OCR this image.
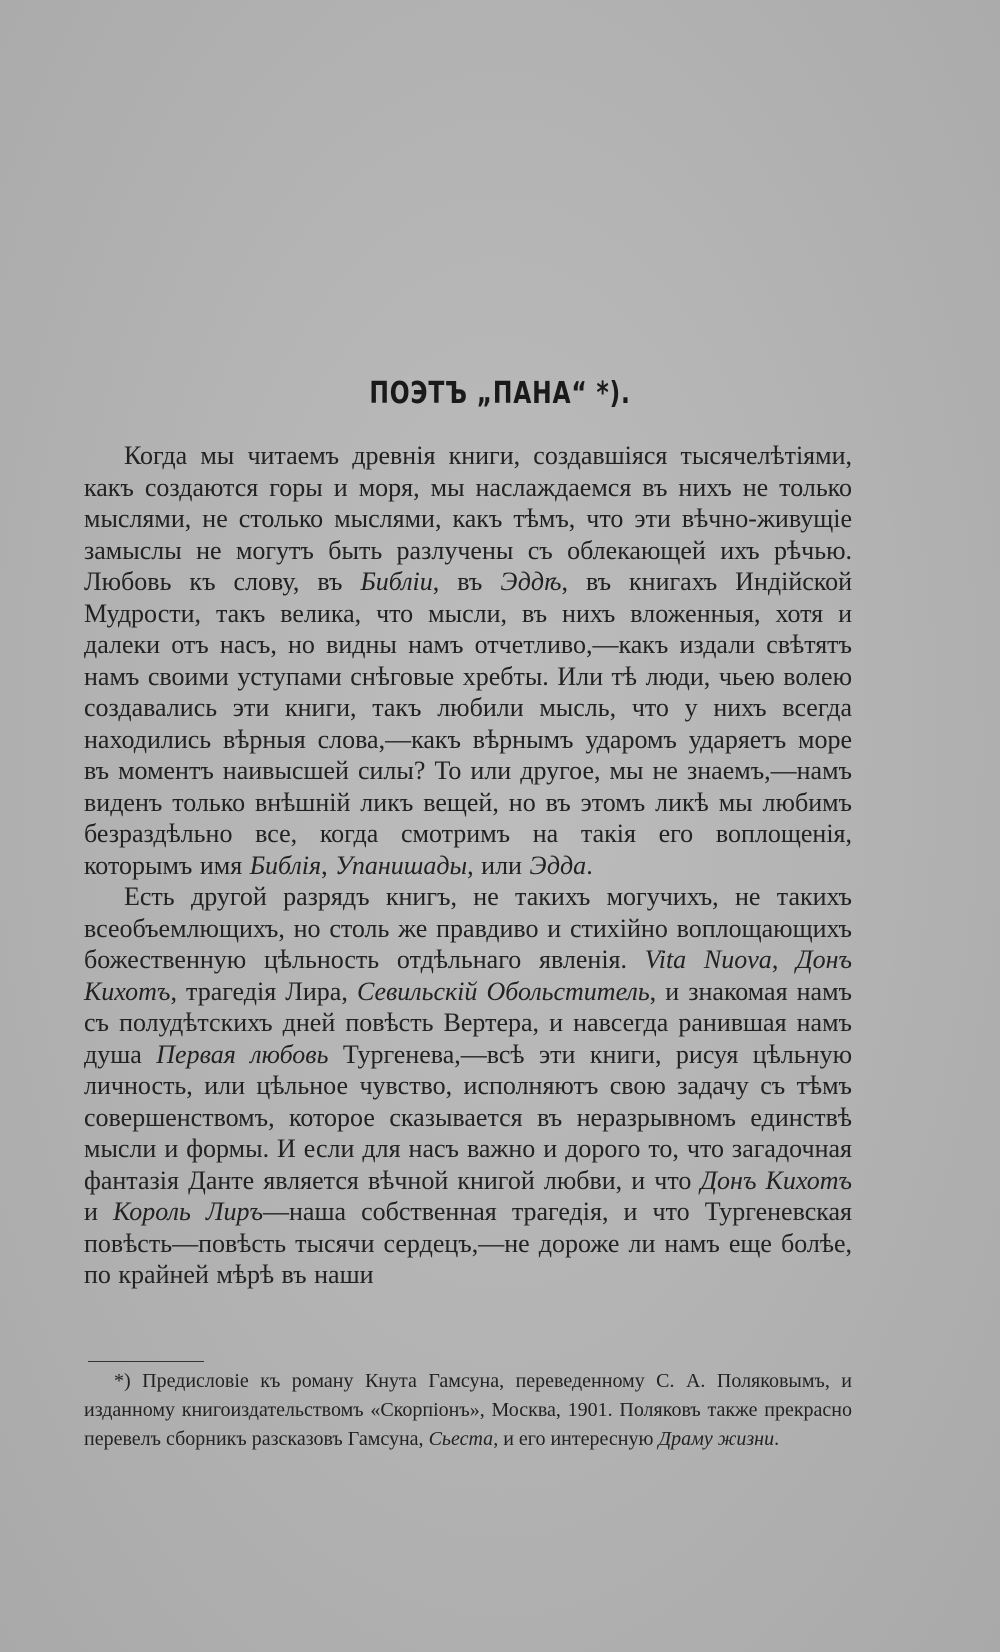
ПОЭТЪ „ПАНА“ *).

Когда мы читаемъ древнія книги, создавшіяся тысячелѣтіями, какъ создаются горы и моря, мы наслаждаемся въ нихъ не только мыслями, не столько мыслями, какъ тѣмъ, что эти вѣчно-живущіе замыслы не могутъ быть разлучены съ облекающей ихъ рѣчью. Любовь къ слову, въ Библіи, въ Эддѣ, въ книгахъ Индійской Мудрости, такъ велика, что мысли, въ нихъ вложенныя, хотя и далеки отъ насъ, но видны намъ отчетливо,—какъ издали свѣтятъ намъ своими уступами снѣговые хребты. Или тѣ люди, чьею волею создавались эти книги, такъ любили мысль, что у нихъ всегда находились вѣрныя слова,—какъ вѣрнымъ ударомъ ударяетъ море въ моментъ наивысшей силы? То или другое, мы не знаемъ,—намъ виденъ только внѣшній ликъ вещей, но въ этомъ ликѣ мы любимъ безраздѣльно все, когда смотримъ на такія его воплощенія, которымъ имя Библія, Упанишады, или Эдда.

Есть другой разрядъ книгъ, не такихъ могучихъ, не такихъ всеобъемлющихъ, но столь же правдиво и стихійно воплощающихъ божественную цѣльность отдѣльнаго явленія. Vita Nuova, Донъ Кихотъ, трагедія Лира, Севильскій Обольститель, и знакомая намъ съ полудѣтскихъ дней повѣсть Вертера, и навсегда ранившая намъ душа Первая любовь Тургенева,—всѣ эти книги, рисуя цѣльную личность, или цѣльное чувство, исполняютъ свою задачу съ тѣмъ совершенствомъ, которое сказывается въ неразрывномъ единствѣ мысли и формы. И если для насъ важно и дорого то, что загадочная фантазія Данте является вѣчной книгой любви, и что Донъ Кихотъ и Король Лиръ—наша собственная трагедія, и что Тургеневская повѣсть—повѣсть тысячи сердецъ,—не дороже ли намъ еще болѣе, по крайней мѣрѣ въ наши

*) Предисловіе къ роману Кнута Гамсуна, переведенному С. А. Поляковымъ, и изданному книгоиздательствомъ «Скорпіонъ», Москва, 1901. Поляковъ также прекрасно перевелъ сборникъ разсказовъ Гамсуна, Сьеста, и его интересную Драму жизни.
